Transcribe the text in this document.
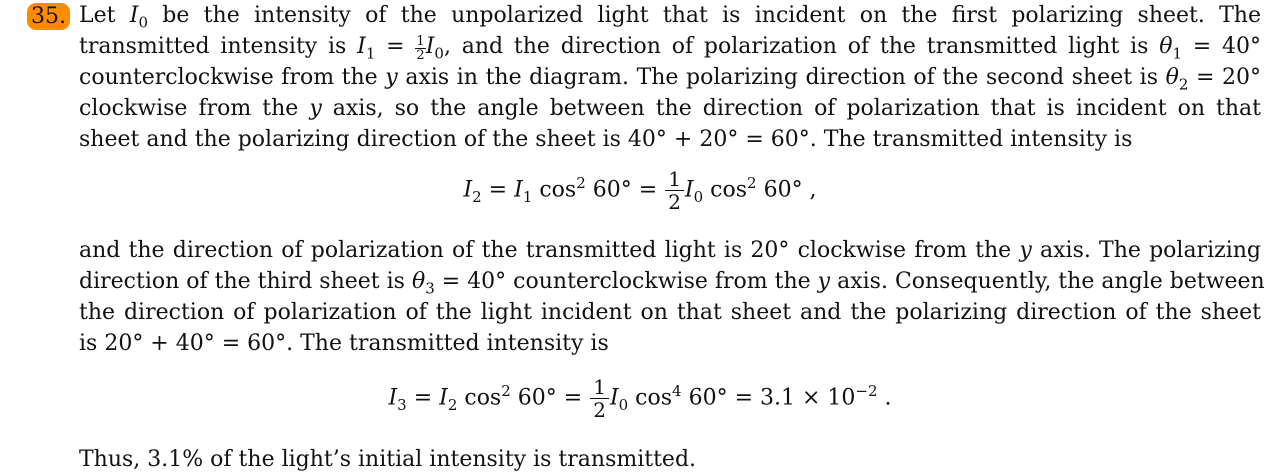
35. Let $I_0$ be the intensity of the unpolarized light that is incident on the first polarizing sheet. The
transmitted intensity is $I_1 = \frac{1}{2} I_0$, and the direction of polarization of the transmitted light is $\theta_1 = 40^\circ$
counterclockwise from the y axis in the diagram. The polarizing direction of the second sheet is $\theta_2 = 20^\circ$
clockwise from the y axis, so the angle between the direction of polarization that is incident on that
sheet and the polarizing direction of the sheet is 40° + 20° = 60°. The transmitted intensity is
$I_2 = I_1$ $\cos^2 60^\circ = \frac{1}{2} I_0$ $\cos^2 60^\circ$ ,
and the direction of polarization of the transmitted light is 20° clockwise from the y axis. The polarizing
direction of the third sheet is $\theta_3 = 40^\circ$ counterclockwise from the y axis. Consequently, the angle between
the direction of polarization of the light incident on that sheet and the polarizing direction of the sheet
is 20° + 40° = 60°. The transmitted intensity is
$I_3 = I_2$ $\cos^2 60^\circ = \frac{1}{2} I_0$ $\cos^4 60^\circ = 3.1 \times 10^{-2}$ .
Thus, 3.1% of the light’s initial intensity is transmitted.
